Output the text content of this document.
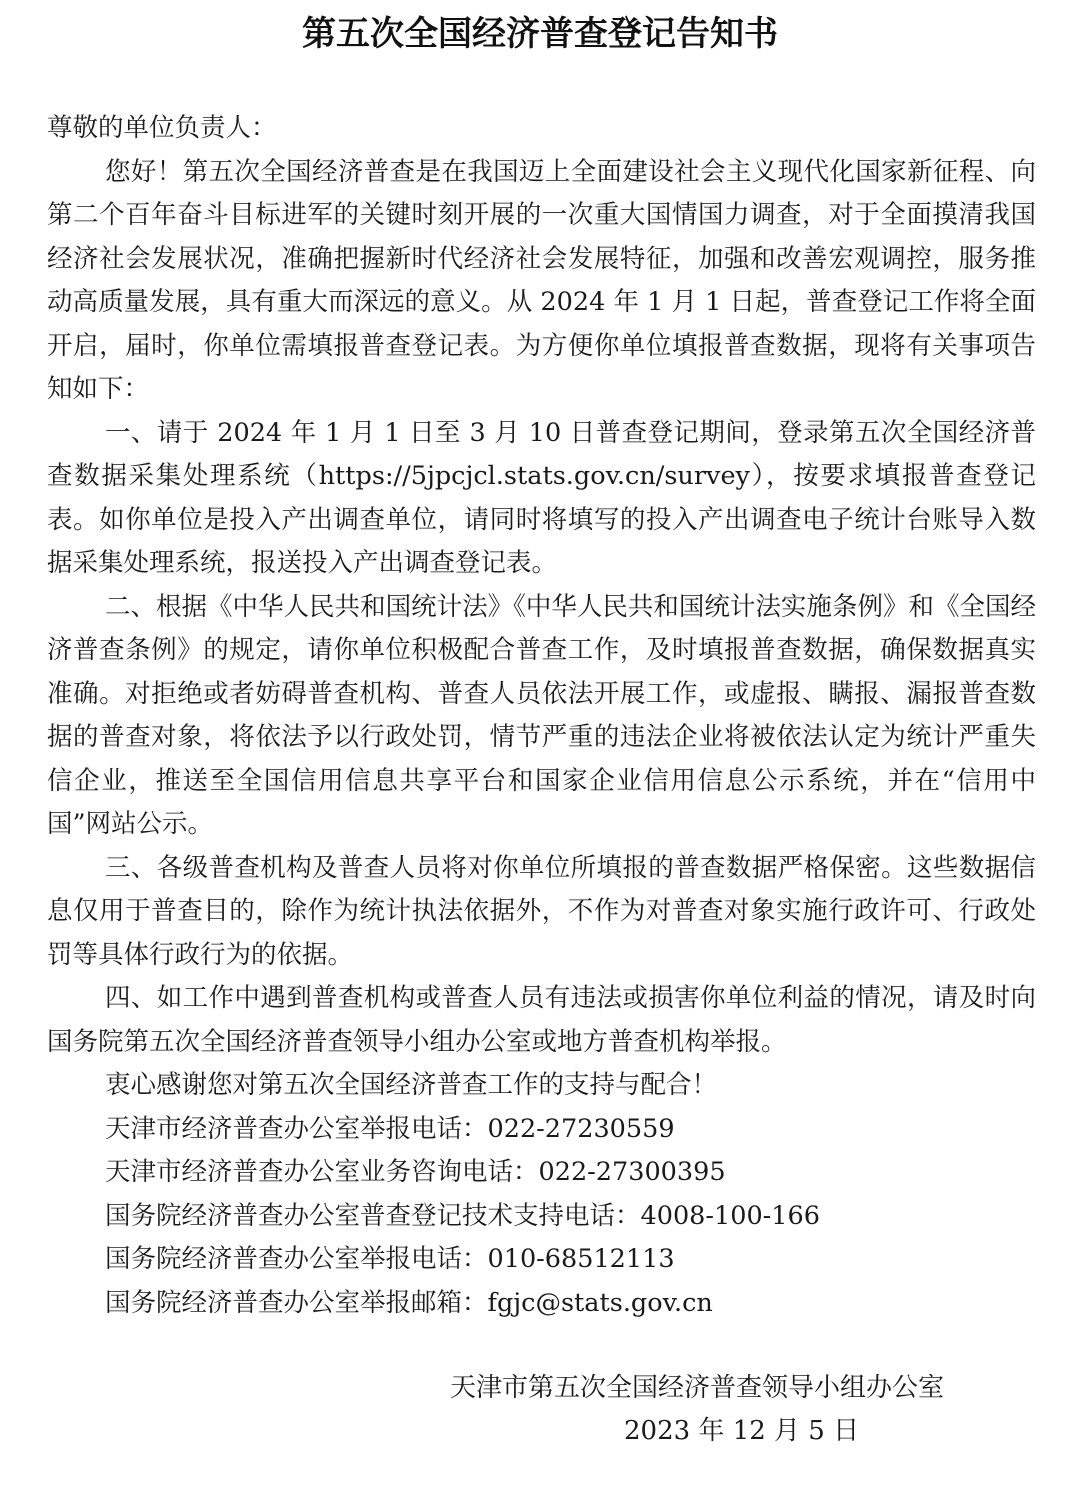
第五次全国经济普查登记告知书

尊敬的单位负责人：

您好！第五次全国经济普查是在我国迈上全面建设社会主义现代化国家新征程、向第二个百年奋斗目标进军的关键时刻开展的一次重大国情国力调查，对于全面摸清我国经济社会发展状况，准确把握新时代经济社会发展特征，加强和改善宏观调控，服务推动高质量发展，具有重大而深远的意义。从 2024 年 1 月 1 日起，普查登记工作将全面开启，届时，你单位需填报普查登记表。为方便你单位填报普查数据，现将有关事项告知如下：

一、请于 2024 年 1 月 1 日至 3 月 10 日普查登记期间，登录第五次全国经济普查数据采集处理系统（https://5jpcjcl.stats.gov.cn/survey），按要求填报普查登记表。如你单位是投入产出调查单位，请同时将填写的投入产出调查电子统计台账导入数据采集处理系统，报送投入产出调查登记表。

二、根据《中华人民共和国统计法》《中华人民共和国统计法实施条例》和《全国经济普查条例》的规定，请你单位积极配合普查工作，及时填报普查数据，确保数据真实准确。对拒绝或者妨碍普查机构、普查人员依法开展工作，或虚报、瞒报、漏报普查数据的普查对象，将依法予以行政处罚，情节严重的违法企业将被依法认定为统计严重失信企业，推送至全国信用信息共享平台和国家企业信用信息公示系统，并在“信用中国”网站公示。

三、各级普查机构及普查人员将对你单位所填报的普查数据严格保密。这些数据信息仅用于普查目的，除作为统计执法依据外，不作为对普查对象实施行政许可、行政处罚等具体行政行为的依据。

四、如工作中遇到普查机构或普查人员有违法或损害你单位利益的情况，请及时向国务院第五次全国经济普查领导小组办公室或地方普查机构举报。

衷心感谢您对第五次全国经济普查工作的支持与配合！

天津市经济普查办公室举报电话：022-27230559

天津市经济普查办公室业务咨询电话：022-27300395

国务院经济普查办公室普查登记技术支持电话：4008-100-166

国务院经济普查办公室举报电话：010-68512113

国务院经济普查办公室举报邮箱：fgjc@stats.gov.cn

天津市第五次全国经济普查领导小组办公室
2023 年 12 月 5 日
